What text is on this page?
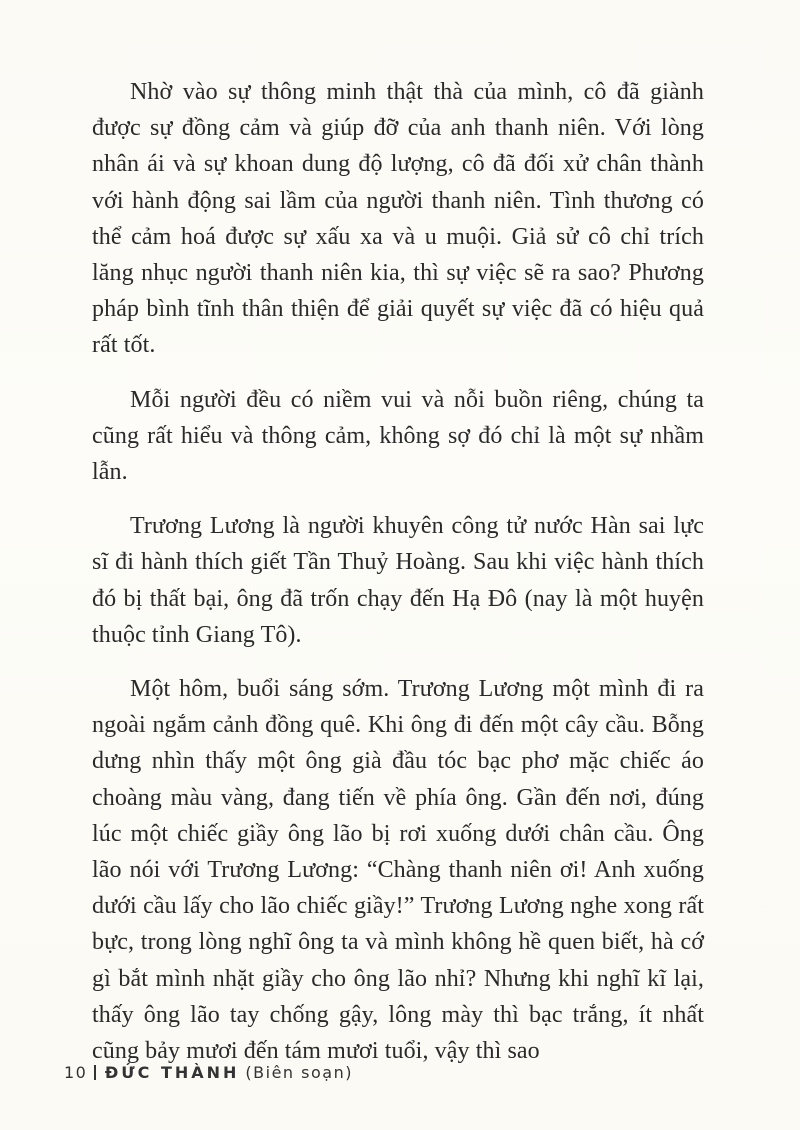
Nhờ vào sự thông minh thật thà của mình, cô đã giành được sự đồng cảm và giúp đỡ của anh thanh niên. Với lòng nhân ái và sự khoan dung độ lượng, cô đã đối xử chân thành với hành động sai lầm của người thanh niên. Tình thương có thể cảm hoá được sự xấu xa và u muội. Giả sử cô chỉ trích lăng nhục người thanh niên kia, thì sự việc sẽ ra sao? Phương pháp bình tĩnh thân thiện để giải quyết sự việc đã có hiệu quả rất tốt.

Mỗi người đều có niềm vui và nỗi buồn riêng, chúng ta cũng rất hiểu và thông cảm, không sợ đó chỉ là một sự nhầm lẫn.

Trương Lương là người khuyên công tử nước Hàn sai lực sĩ đi hành thích giết Tần Thuỷ Hoàng. Sau khi việc hành thích đó bị thất bại, ông đã trốn chạy đến Hạ Đô (nay là một huyện thuộc tỉnh Giang Tô).

Một hôm, buổi sáng sớm. Trương Lương một mình đi ra ngoài ngắm cảnh đồng quê. Khi ông đi đến một cây cầu. Bỗng dưng nhìn thấy một ông già đầu tóc bạc phơ mặc chiếc áo choàng màu vàng, đang tiến về phía ông. Gần đến nơi, đúng lúc một chiếc giầy ông lão bị rơi xuống dưới chân cầu. Ông lão nói với Trương Lương: “Chàng thanh niên ơi! Anh xuống dưới cầu lấy cho lão chiếc giầy!” Trương Lương nghe xong rất bực, trong lòng nghĩ ông ta và mình không hề quen biết, hà cớ gì bắt mình nhặt giầy cho ông lão nhỉ? Nhưng khi nghĩ kĩ lại, thấy ông lão tay chống gậy, lông mày thì bạc trắng, ít nhất cũng bảy mươi đến tám mươi tuổi, vậy thì sao

10 ĐỨC THÀNH (Biên soạn)
